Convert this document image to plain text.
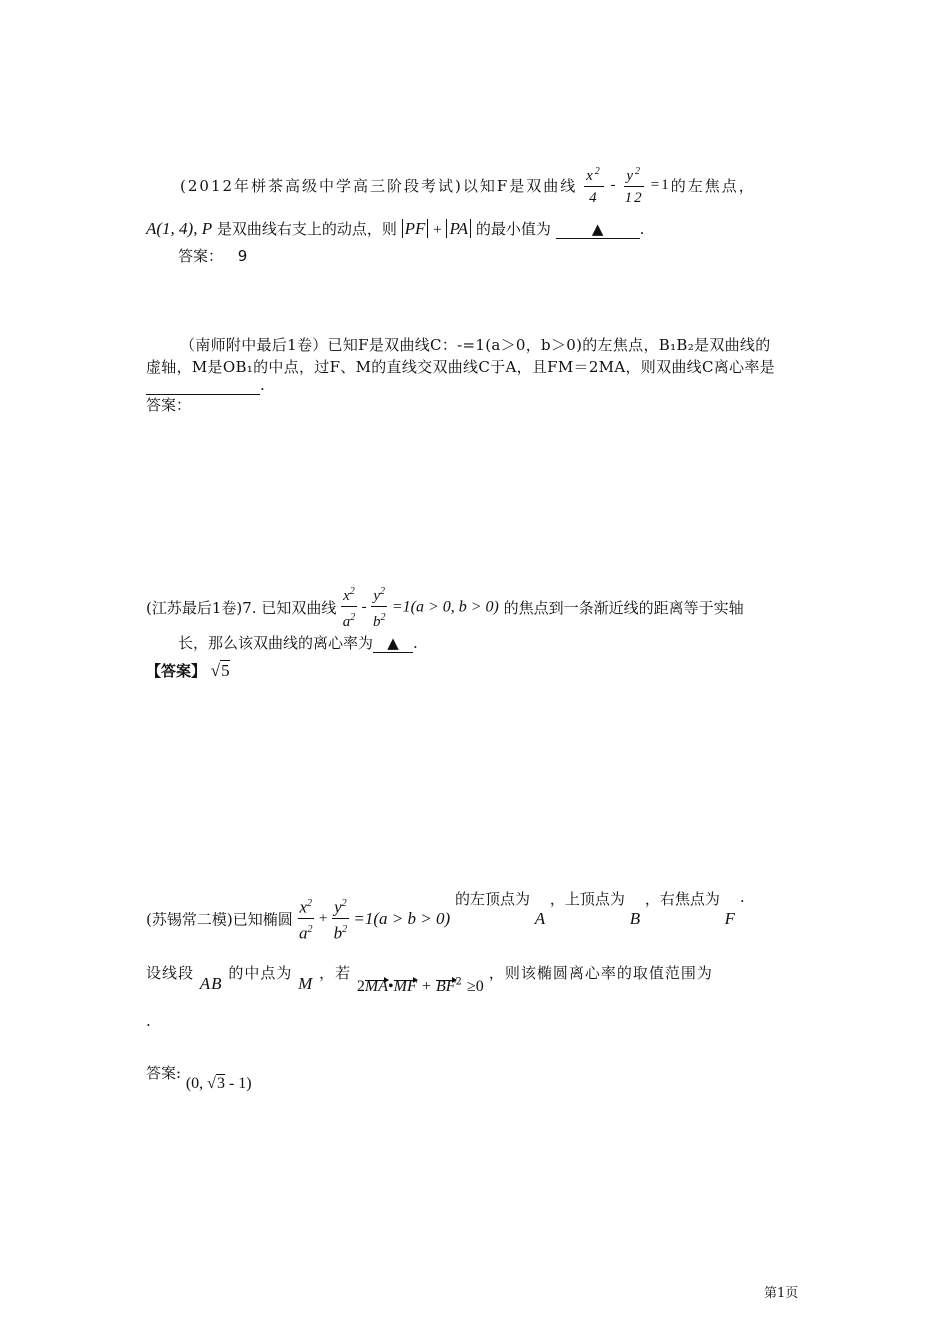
(2012年栟茶高级中学高三阶段考试)以知F是双曲线 $\frac{x^2}{4} - \frac{y^2}{12} =1$的左焦点，
A(1, 4), P 是双曲线右支上的动点，则 PF + PA 的最小值为	▲ .
答案： 9
（南师附中最后1卷）已知F是双曲线C：-=1(a＞0，b＞0)的左焦点，B₁B₂是双曲线的
虚轴，M是OB₁的中点，过F、M的直线交双曲线C于A，且FM＝2MA，则双曲线C离心率是
.
答案：
(江苏最后1卷)7. 已知双曲线 $\frac{x^2}{a^2} - \frac{y^2}{b^2} =1(a > 0$, b > 0) 的焦点到一条渐近线的距离等于实轴
长，那么该双曲线的离心率为 ▲ .
【答案】 √5
(苏锡常二模)已知椭圆 $\frac{x^2}{a^2} + \frac{y^2}{b^2} =1(a > b > 0)$ 的左顶点为 A ，上顶点为 B ，右焦点为 F .
设线段 AB 的中点为 M ，若 2MA•MF + $BF^2 \ge 0$ ，则该椭圆离心率的取值范围为
.
答案: (0, √3 - 1)
第1页
